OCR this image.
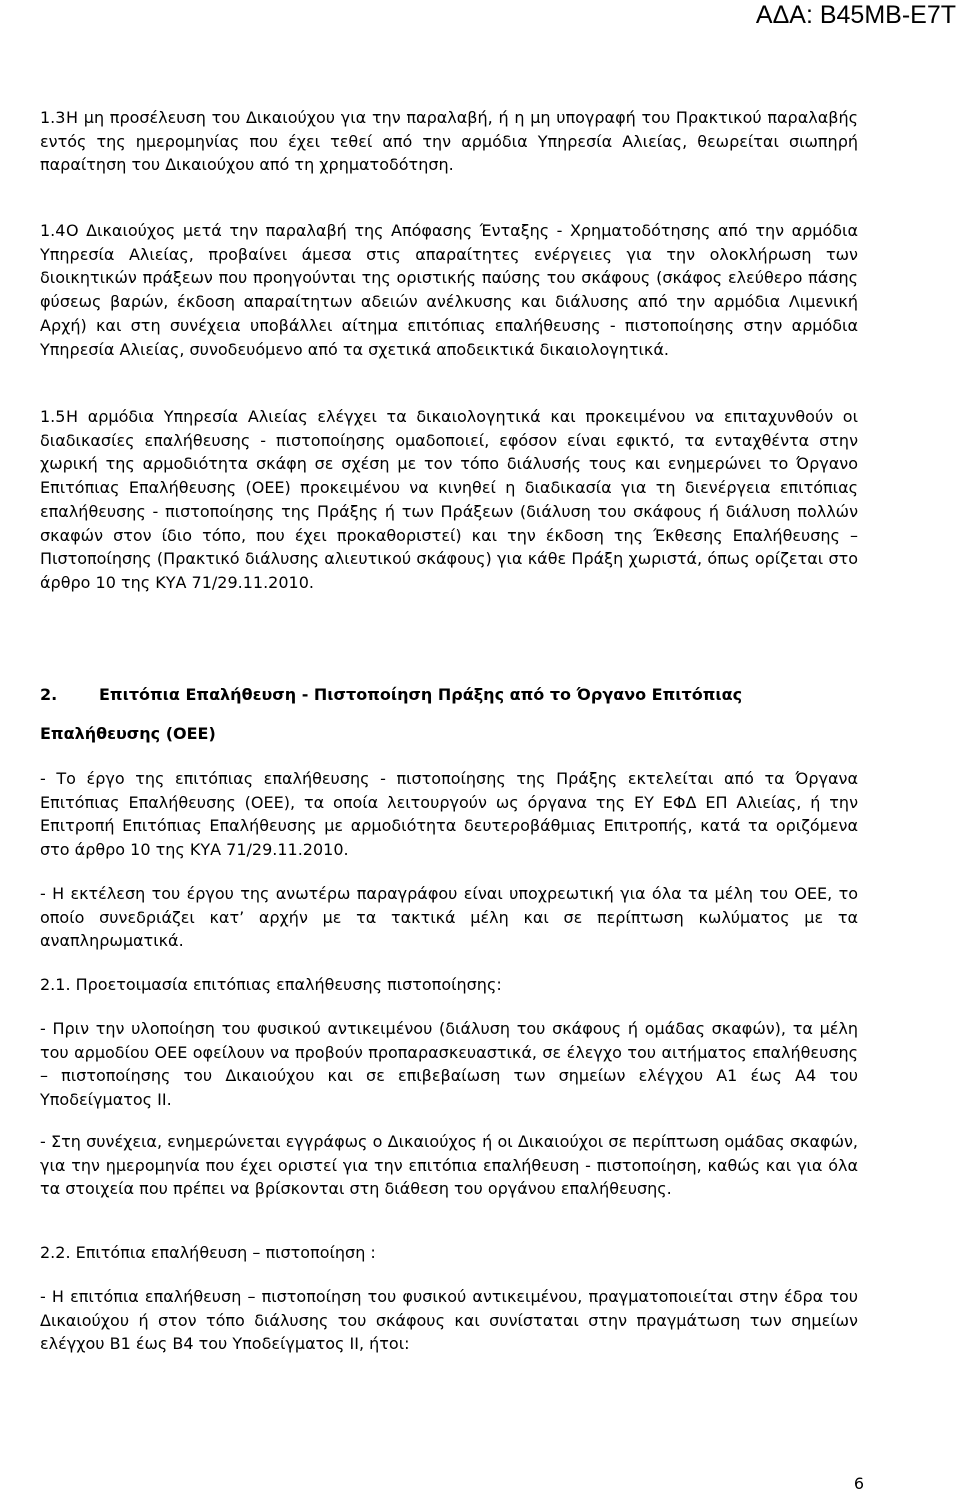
ΑΔΑ: Β45ΜΒ-Ε7Τ
1.3 Η μη προσέλευση του Δικαιούχου για την παραλαβή, ή η μη υπογραφή του Πρακτικού παραλαβής εντός της ημερομηνίας που έχει τεθεί από την αρμόδια Υπηρεσία Αλιείας, θεωρείται σιωπηρή παραίτηση του Δικαιούχου από τη χρηματοδότηση.
1.4 Ο Δικαιούχος μετά την παραλαβή της Απόφασης Ένταξης - Χρηματοδότησης από την αρμόδια Υπηρεσία Αλιείας, προβαίνει άμεσα στις απαραίτητες ενέργειες για την ολοκλήρωση των διοικητικών πράξεων που προηγούνται της οριστικής παύσης του σκάφους (σκάφος ελεύθερο πάσης φύσεως βαρών, έκδοση απαραίτητων αδειών ανέλκυσης και διάλυσης από την αρμόδια Λιμενική Αρχή) και στη συνέχεια υποβάλλει αίτημα επιτόπιας επαλήθευσης - πιστοποίησης στην αρμόδια Υπηρεσία Αλιείας, συνοδευόμενο από τα σχετικά αποδεικτικά δικαιολογητικά.
1.5 Η αρμόδια Υπηρεσία Αλιείας ελέγχει τα δικαιολογητικά και προκειμένου να επιταχυνθούν οι διαδικασίες επαλήθευσης - πιστοποίησης ομαδοποιεί, εφόσον είναι εφικτό, τα ενταχθέντα στην χωρική της αρμοδιότητα σκάφη σε σχέση με τον τόπο διάλυσής τους και ενημερώνει το Όργανο Επιτόπιας Επαλήθευσης (ΟΕΕ) προκειμένου να κινηθεί η διαδικασία για τη διενέργεια επιτόπιας επαλήθευσης - πιστοποίησης της Πράξης ή των Πράξεων (διάλυση του σκάφους ή διάλυση πολλών σκαφών στον ίδιο τόπο, που έχει προκαθοριστεί) και την έκδοση της Έκθεσης Επαλήθευσης –Πιστοποίησης (Πρακτικό διάλυσης αλιευτικού σκάφους) για κάθε Πράξη χωριστά, όπως ορίζεται στο άρθρο 10 της ΚΥΑ 71/29.11.2010.
2.	Επιτόπια Επαλήθευση - Πιστοποίηση Πράξης από το Όργανο Επιτόπιας
Επαλήθευσης (ΟΕΕ)
- Το έργο της επιτόπιας επαλήθευσης - πιστοποίησης της Πράξης εκτελείται από τα Όργανα Επιτόπιας Επαλήθευσης (ΟΕΕ), τα οποία λειτουργούν ως όργανα της ΕΥ ΕΦΔ ΕΠ Αλιείας, ή την Επιτροπή Επιτόπιας Επαλήθευσης με αρμοδιότητα δευτεροβάθμιας Επιτροπής, κατά τα οριζόμενα στο άρθρο 10 της ΚΥΑ 71/29.11.2010.
- Η εκτέλεση του έργου της ανωτέρω παραγράφου είναι υποχρεωτική για όλα τα μέλη του ΟΕΕ, το οποίο συνεδριάζει κατ’ αρχήν με τα τακτικά μέλη και σε περίπτωση κωλύματος με τα αναπληρωματικά.
2.1. Προετοιμασία επιτόπιας επαλήθευσης πιστοποίησης:
- Πριν την υλοποίηση του φυσικού αντικειμένου (διάλυση του σκάφους ή ομάδας σκαφών), τα μέλη του αρμοδίου ΟΕΕ οφείλουν να προβούν προπαρασκευαστικά, σε έλεγχο του αιτήματος επαλήθευσης – πιστοποίησης του Δικαιούχου και σε επιβεβαίωση των σημείων ελέγχου Α1 έως Α4 του Υποδείγματος ΙΙ.
- Στη συνέχεια, ενημερώνεται εγγράφως ο Δικαιούχος ή οι Δικαιούχοι σε περίπτωση ομάδας σκαφών, για την ημερομηνία που έχει οριστεί για την επιτόπια επαλήθευση - πιστοποίηση, καθώς και για όλα τα στοιχεία που πρέπει να βρίσκονται στη διάθεση του οργάνου επαλήθευσης.
2.2. Επιτόπια επαλήθευση – πιστοποίηση :
- Η επιτόπια επαλήθευση – πιστοποίηση του φυσικού αντικειμένου, πραγματοποιείται στην έδρα του Δικαιούχου ή στον τόπο διάλυσης του σκάφους και συνίσταται στην πραγμάτωση των σημείων ελέγχου Β1 έως Β4 του Υποδείγματος ΙΙ, ήτοι:
6
